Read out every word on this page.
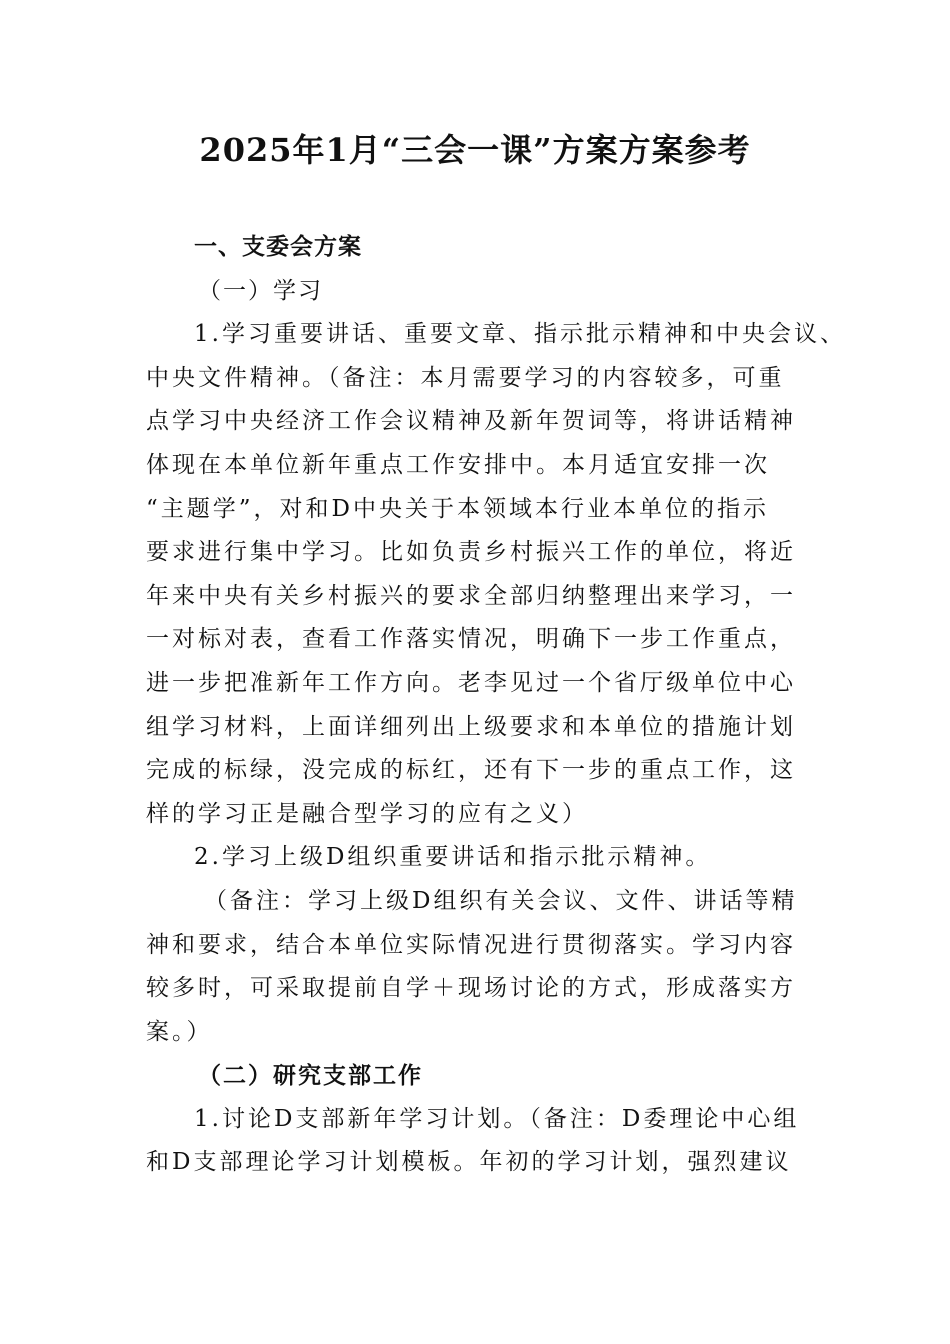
2025年1月“三会一课”方案方案参考
一、支委会方案
（一）学习
1.学习重要讲话、重要文章、指示批示精神和中央会议、
中央文件精神。（备注：本月需要学习的内容较多，可重
点学习中央经济工作会议精神及新年贺词等，将讲话精神
体现在本单位新年重点工作安排中。本月适宜安排一次
“主题学”，对和D中央关于本领域本行业本单位的指示
要求进行集中学习。比如负责乡村振兴工作的单位，将近
年来中央有关乡村振兴的要求全部归纳整理出来学习，一
一对标对表，查看工作落实情况，明确下一步工作重点，
进一步把准新年工作方向。老李见过一个省厅级单位中心
组学习材料，上面详细列出上级要求和本单位的措施计划
完成的标绿，没完成的标红，还有下一步的重点工作，这
样的学习正是融合型学习的应有之义）
2.学习上级D组织重要讲话和指示批示精神。
（备注：学习上级D组织有关会议、文件、讲话等精
神和要求，结合本单位实际情况进行贯彻落实。学习内容
较多时，可采取提前自学＋现场讨论的方式，形成落实方
案。）
（二）研究支部工作
1.讨论D支部新年学习计划。（备注：D委理论中心组
和D支部理论学习计划模板。年初的学习计划，强烈建议
